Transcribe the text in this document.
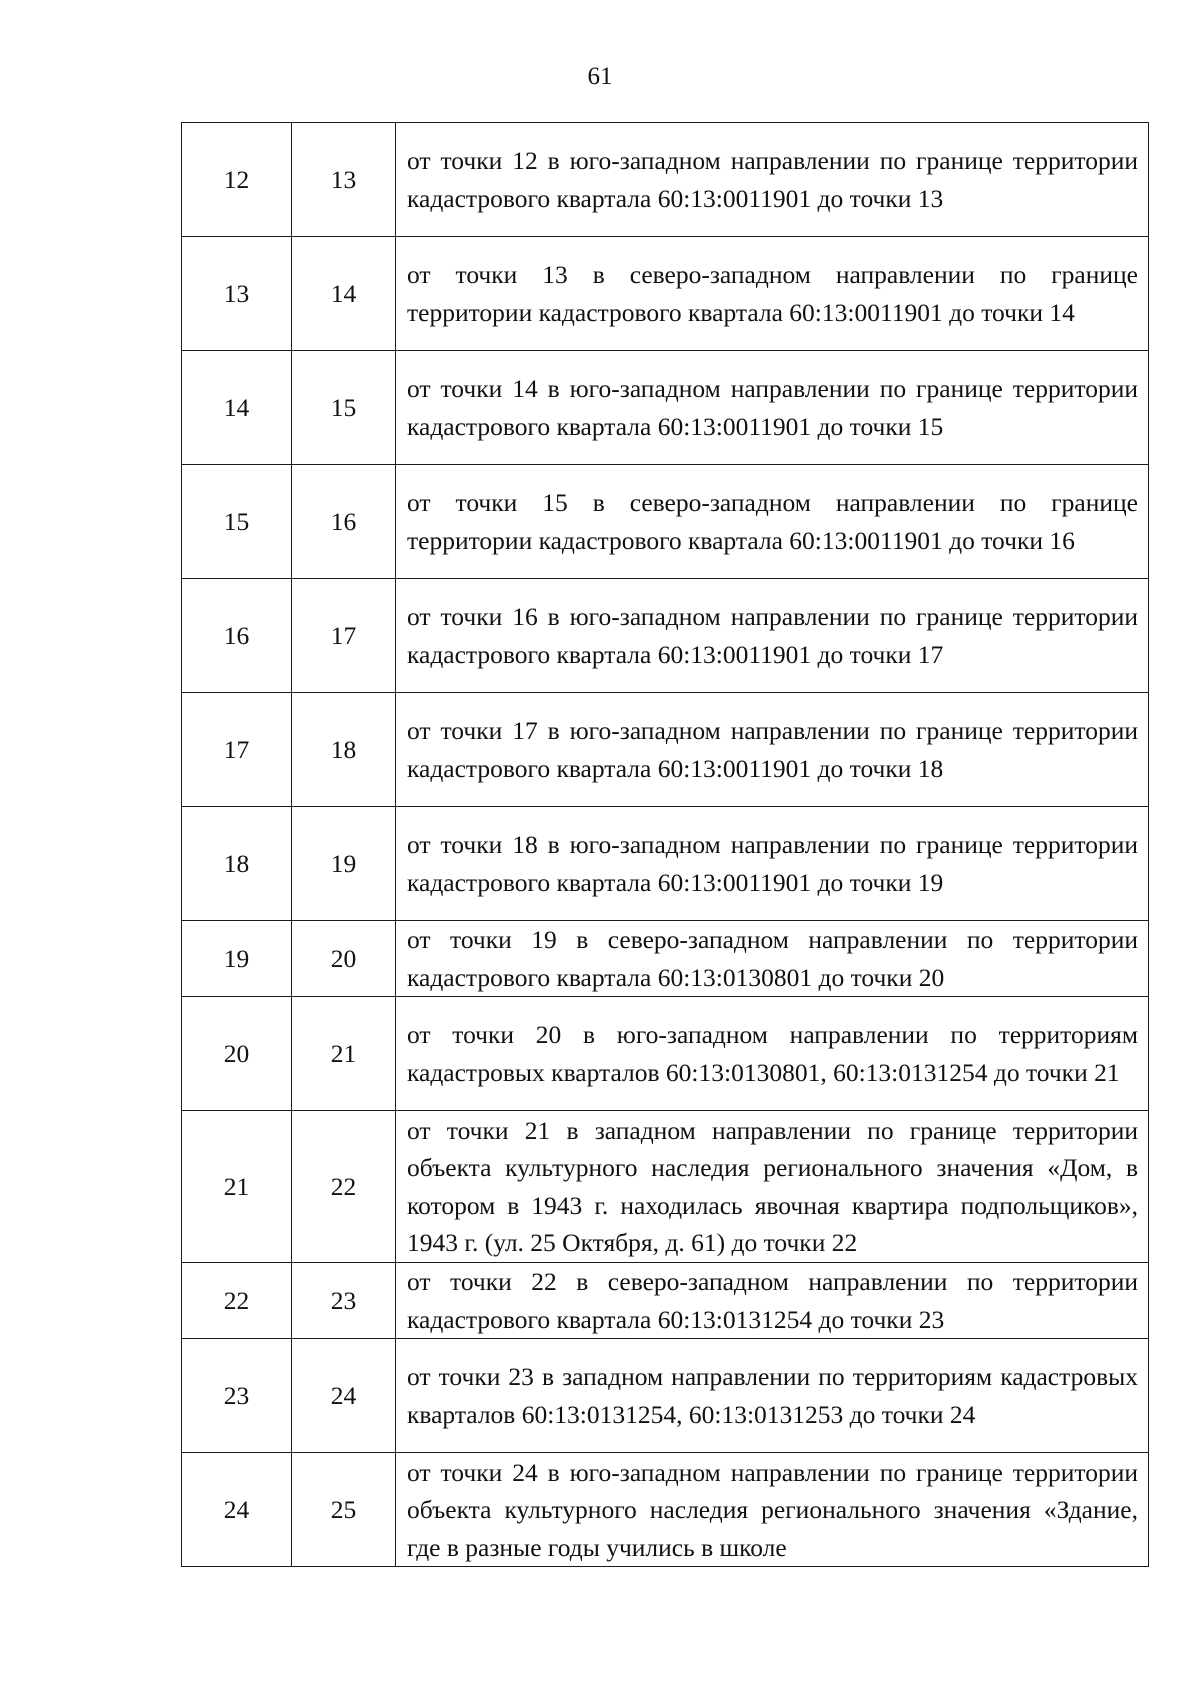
61
12	13	от точки 12 в юго-западном направлении по границе территории кадастрового квартала 60:13:0011901 до точки 13
13	14	от точки 13 в северо-западном направлении по границе территории кадастрового квартала 60:13:0011901 до точки 14
14	15	от точки 14 в юго-западном направлении по границе территории кадастрового квартала 60:13:0011901 до точки 15
15	16	от точки 15 в северо-западном направлении по границе территории кадастрового квартала 60:13:0011901 до точки 16
16	17	от точки 16 в юго-западном направлении по границе территории кадастрового квартала 60:13:0011901 до точки 17
17	18	от точки 17 в юго-западном направлении по границе территории кадастрового квартала 60:13:0011901 до точки 18
18	19	от точки 18 в юго-западном направлении по границе территории кадастрового квартала 60:13:0011901 до точки 19
19	20	от точки 19 в северо-западном направлении по территории кадастрового квартала 60:13:0130801 до точки 20
20	21	от точки 20 в юго-западном направлении по территориям кадастровых кварталов 60:13:0130801, 60:13:0131254 до точки 21
21	22	от точки 21 в западном направлении по границе территории объекта культурного наследия регионального значения «Дом, в котором в 1943 г. находилась явочная квартира подпольщиков», 1943 г. (ул. 25 Октября, д. 61) до точки 22
22	23	от точки 22 в северо-западном направлении по территории кадастрового квартала 60:13:0131254 до точки 23
23	24	от точки 23 в западном направлении по территориям кадастровых кварталов 60:13:0131254, 60:13:0131253 до точки 24
24	25	от точки 24 в юго-западном направлении по границе территории объекта культурного наследия регионального значения «Здание, где в разные годы учились в школе
